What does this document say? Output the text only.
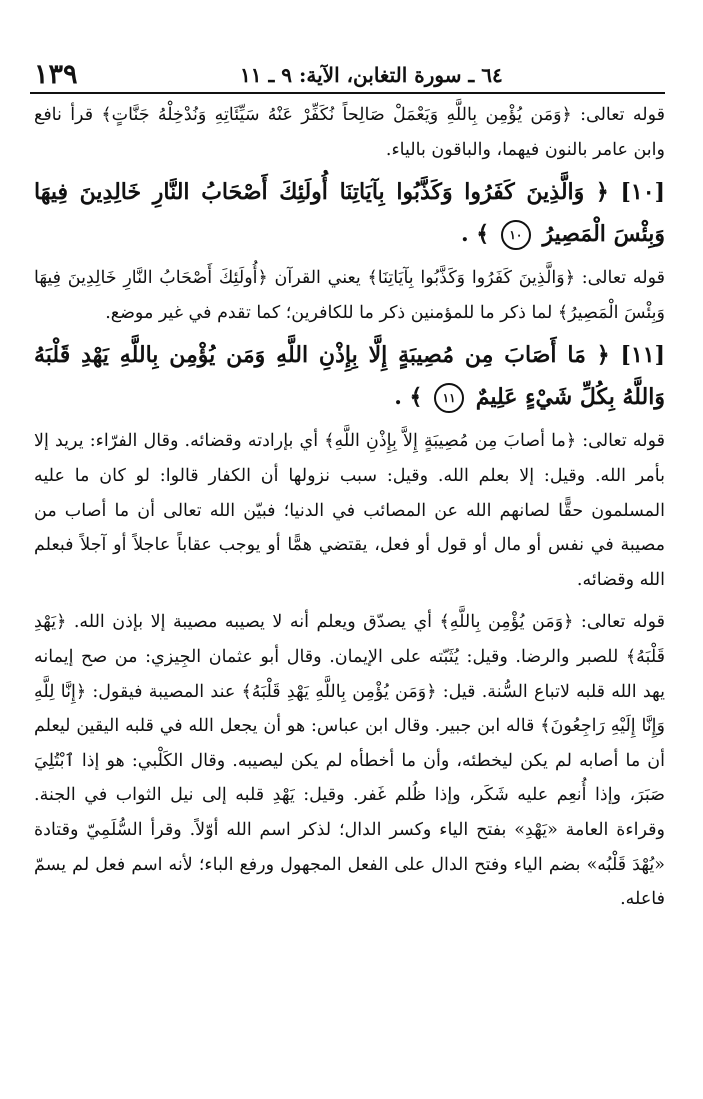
١٣٩	٦٤ ـ سورة التغابن، الآية: ٩ ـ ١١

قوله تعالى: ﴿وَمَن يُؤْمِن بِاللَّهِ وَيَعْمَلْ صَالِحاً نُكَفِّرْ عَنْهُ سَيِّئَاتِهِ وَنُدْخِلْهُ جَنَّاتٍ﴾ قرأ نافع وابن عامر بالنون فيهما، والباقون بالياء.

[١٠] ﴿ وَالَّذِينَ كَفَرُوا وَكَذَّبُوا بِآيَاتِنَا أُولَئِكَ أَصْحَابُ النَّارِ خَالِدِينَ فِيهَا وَبِئْسَ الْمَصِيرُ ١٠ ﴾ .

قوله تعالى: ﴿وَالَّذِينَ كَفَرُوا وَكَذَّبُوا بِآيَاتِنَا﴾ يعني القرآن ﴿أُولَئِكَ أَصْحَابُ النَّارِ خَالِدِينَ فِيهَا وَبِئْسَ الْمَصِيرُ﴾ لما ذكر ما للمؤمنين ذكر ما للكافرين؛ كما تقدم في غير موضع.

[١١] ﴿ مَا أَصَابَ مِن مُصِيبَةٍ إِلَّا بِإِذْنِ اللَّهِ وَمَن يُؤْمِن بِاللَّهِ يَهْدِ قَلْبَهُ وَاللَّهُ بِكُلِّ شَيْءٍ عَلِيمٌ ١١ ﴾ .

قوله تعالى: ﴿ما أصابَ مِن مُصِيبَةٍ إِلاَّ بِإِذْنِ اللَّهِ﴾ أي بإرادته وقضائه. وقال الفرّاء: يريد إلا بأمر الله. وقيل: إلا بعلم الله. وقيل: سبب نزولها أن الكفار قالوا: لو كان ما عليه المسلمون حقًّا لصانهم الله عن المصائب في الدنيا؛ فبيّن الله تعالى أن ما أصاب من مصيبة في نفس أو مال أو قول أو فعل، يقتضي همًّا أو يوجب عقاباً عاجلاً أو آجلاً فبعلم الله وقضائه.

قوله تعالى: ﴿وَمَن يُؤْمِن بِاللَّهِ﴾ أي يصدّق ويعلم أنه لا يصيبه مصيبة إلا بإذن الله. ﴿يَهْدِ قَلْبَهُ﴾ للصبر والرضا. وقيل: يُثَبّته على الإيمان. وقال أبو عثمان الجِيزي: من صح إيمانه يهد الله قلبه لاتباع السُّنة. قيل: ﴿وَمَن يُؤْمِن بِاللَّهِ يَهْدِ قَلْبَهُ﴾ عند المصيبة فيقول: ﴿إِنَّا لِلَّهِ وَإِنَّا إِلَيْهِ رَاجِعُونَ﴾ قاله ابن جبير. وقال ابن عباس: هو أن يجعل الله في قلبه اليقين ليعلم أن ما أصابه لم يكن ليخطئه، وأن ما أخطأه لم يكن ليصيبه. وقال الكَلْبي: هو إذا ٱبْتُلِيَ صَبَرَ، وإذا أُنعِم عليه شَكَر، وإذا ظُلم غَفر. وقيل: يَهْدِ قلبه إلى نيل الثواب في الجنة. وقراءة العامة «يَهْدِ» بفتح الياء وكسر الدال؛ لذكر اسم الله أوّلاً. وقرأ السُّلَمِيّ وقتادة «يُهْدَ قَلْبُه» بضم الياء وفتح الدال على الفعل المجهول ورفع الباء؛ لأنه اسم فعل لم يسمّ فاعله.
